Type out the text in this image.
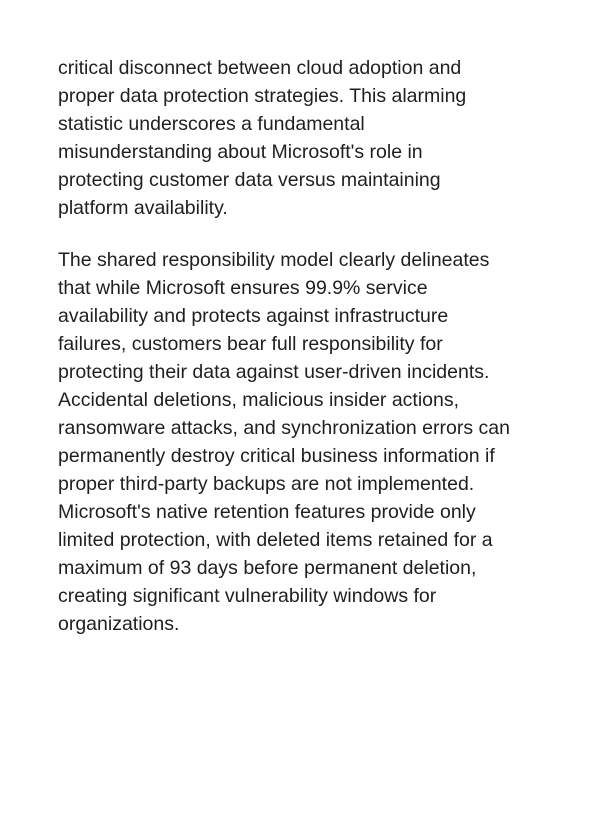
critical disconnect between cloud adoption and
proper data protection strategies. This alarming
statistic underscores a fundamental
misunderstanding about Microsoft's role in
protecting customer data versus maintaining
platform availability.
The shared responsibility model clearly delineates
that while Microsoft ensures 99.9% service
availability and protects against infrastructure
failures, customers bear full responsibility for
protecting their data against user-driven incidents.
Accidental deletions, malicious insider actions,
ransomware attacks, and synchronization errors can
permanently destroy critical business information if
proper third-party backups are not implemented.
Microsoft's native retention features provide only
limited protection, with deleted items retained for a
maximum of 93 days before permanent deletion,
creating significant vulnerability windows for
organizations.
